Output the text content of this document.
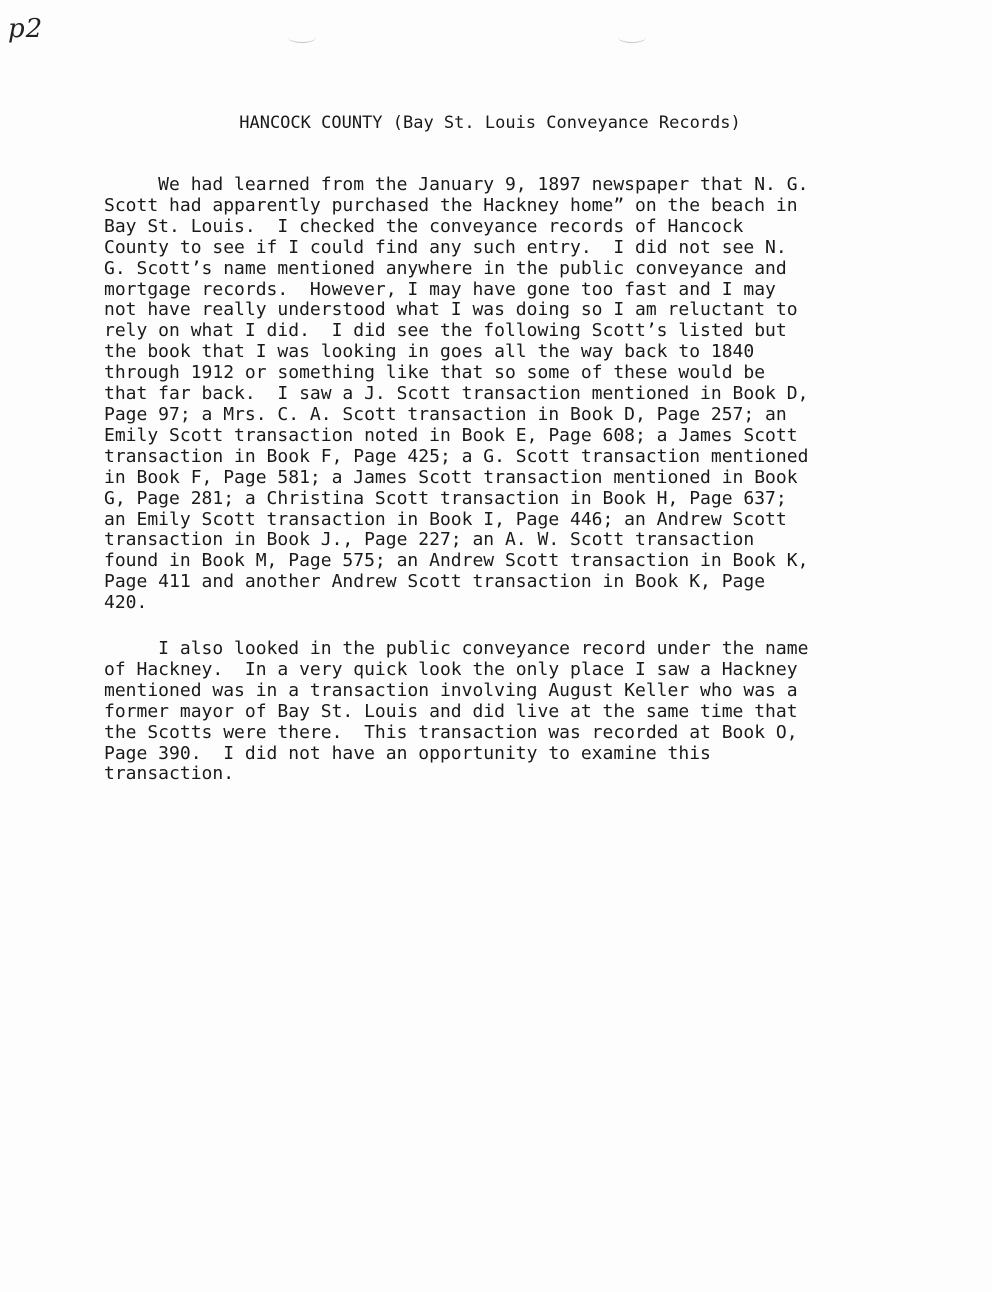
p2
HANCOCK COUNTY (Bay St. Louis Conveyance Records)
We had learned from the January 9, 1897 newspaper that N. G.
Scott had apparently purchased the Hackney home” on the beach in
Bay St. Louis.  I checked the conveyance records of Hancock
County to see if I could find any such entry.  I did not see N.
G. Scott’s name mentioned anywhere in the public conveyance and
mortgage records.  However, I may have gone too fast and I may
not have really understood what I was doing so I am reluctant to
rely on what I did.  I did see the following Scott’s listed but
the book that I was looking in goes all the way back to 1840
through 1912 or something like that so some of these would be
that far back.  I saw a J. Scott transaction mentioned in Book D,
Page 97; a Mrs. C. A. Scott transaction in Book D, Page 257; an
Emily Scott transaction noted in Book E, Page 608; a James Scott
transaction in Book F, Page 425; a G. Scott transaction mentioned
in Book F, Page 581; a James Scott transaction mentioned in Book
G, Page 281; a Christina Scott transaction in Book H, Page 637;
an Emily Scott transaction in Book I, Page 446; an Andrew Scott
transaction in Book J., Page 227; an A. W. Scott transaction
found in Book M, Page 575; an Andrew Scott transaction in Book K,
Page 411 and another Andrew Scott transaction in Book K, Page
420.
I also looked in the public conveyance record under the name
of Hackney.  In a very quick look the only place I saw a Hackney
mentioned was in a transaction involving August Keller who was a
former mayor of Bay St. Louis and did live at the same time that
the Scotts were there.  This transaction was recorded at Book O,
Page 390.  I did not have an opportunity to examine this
transaction.
